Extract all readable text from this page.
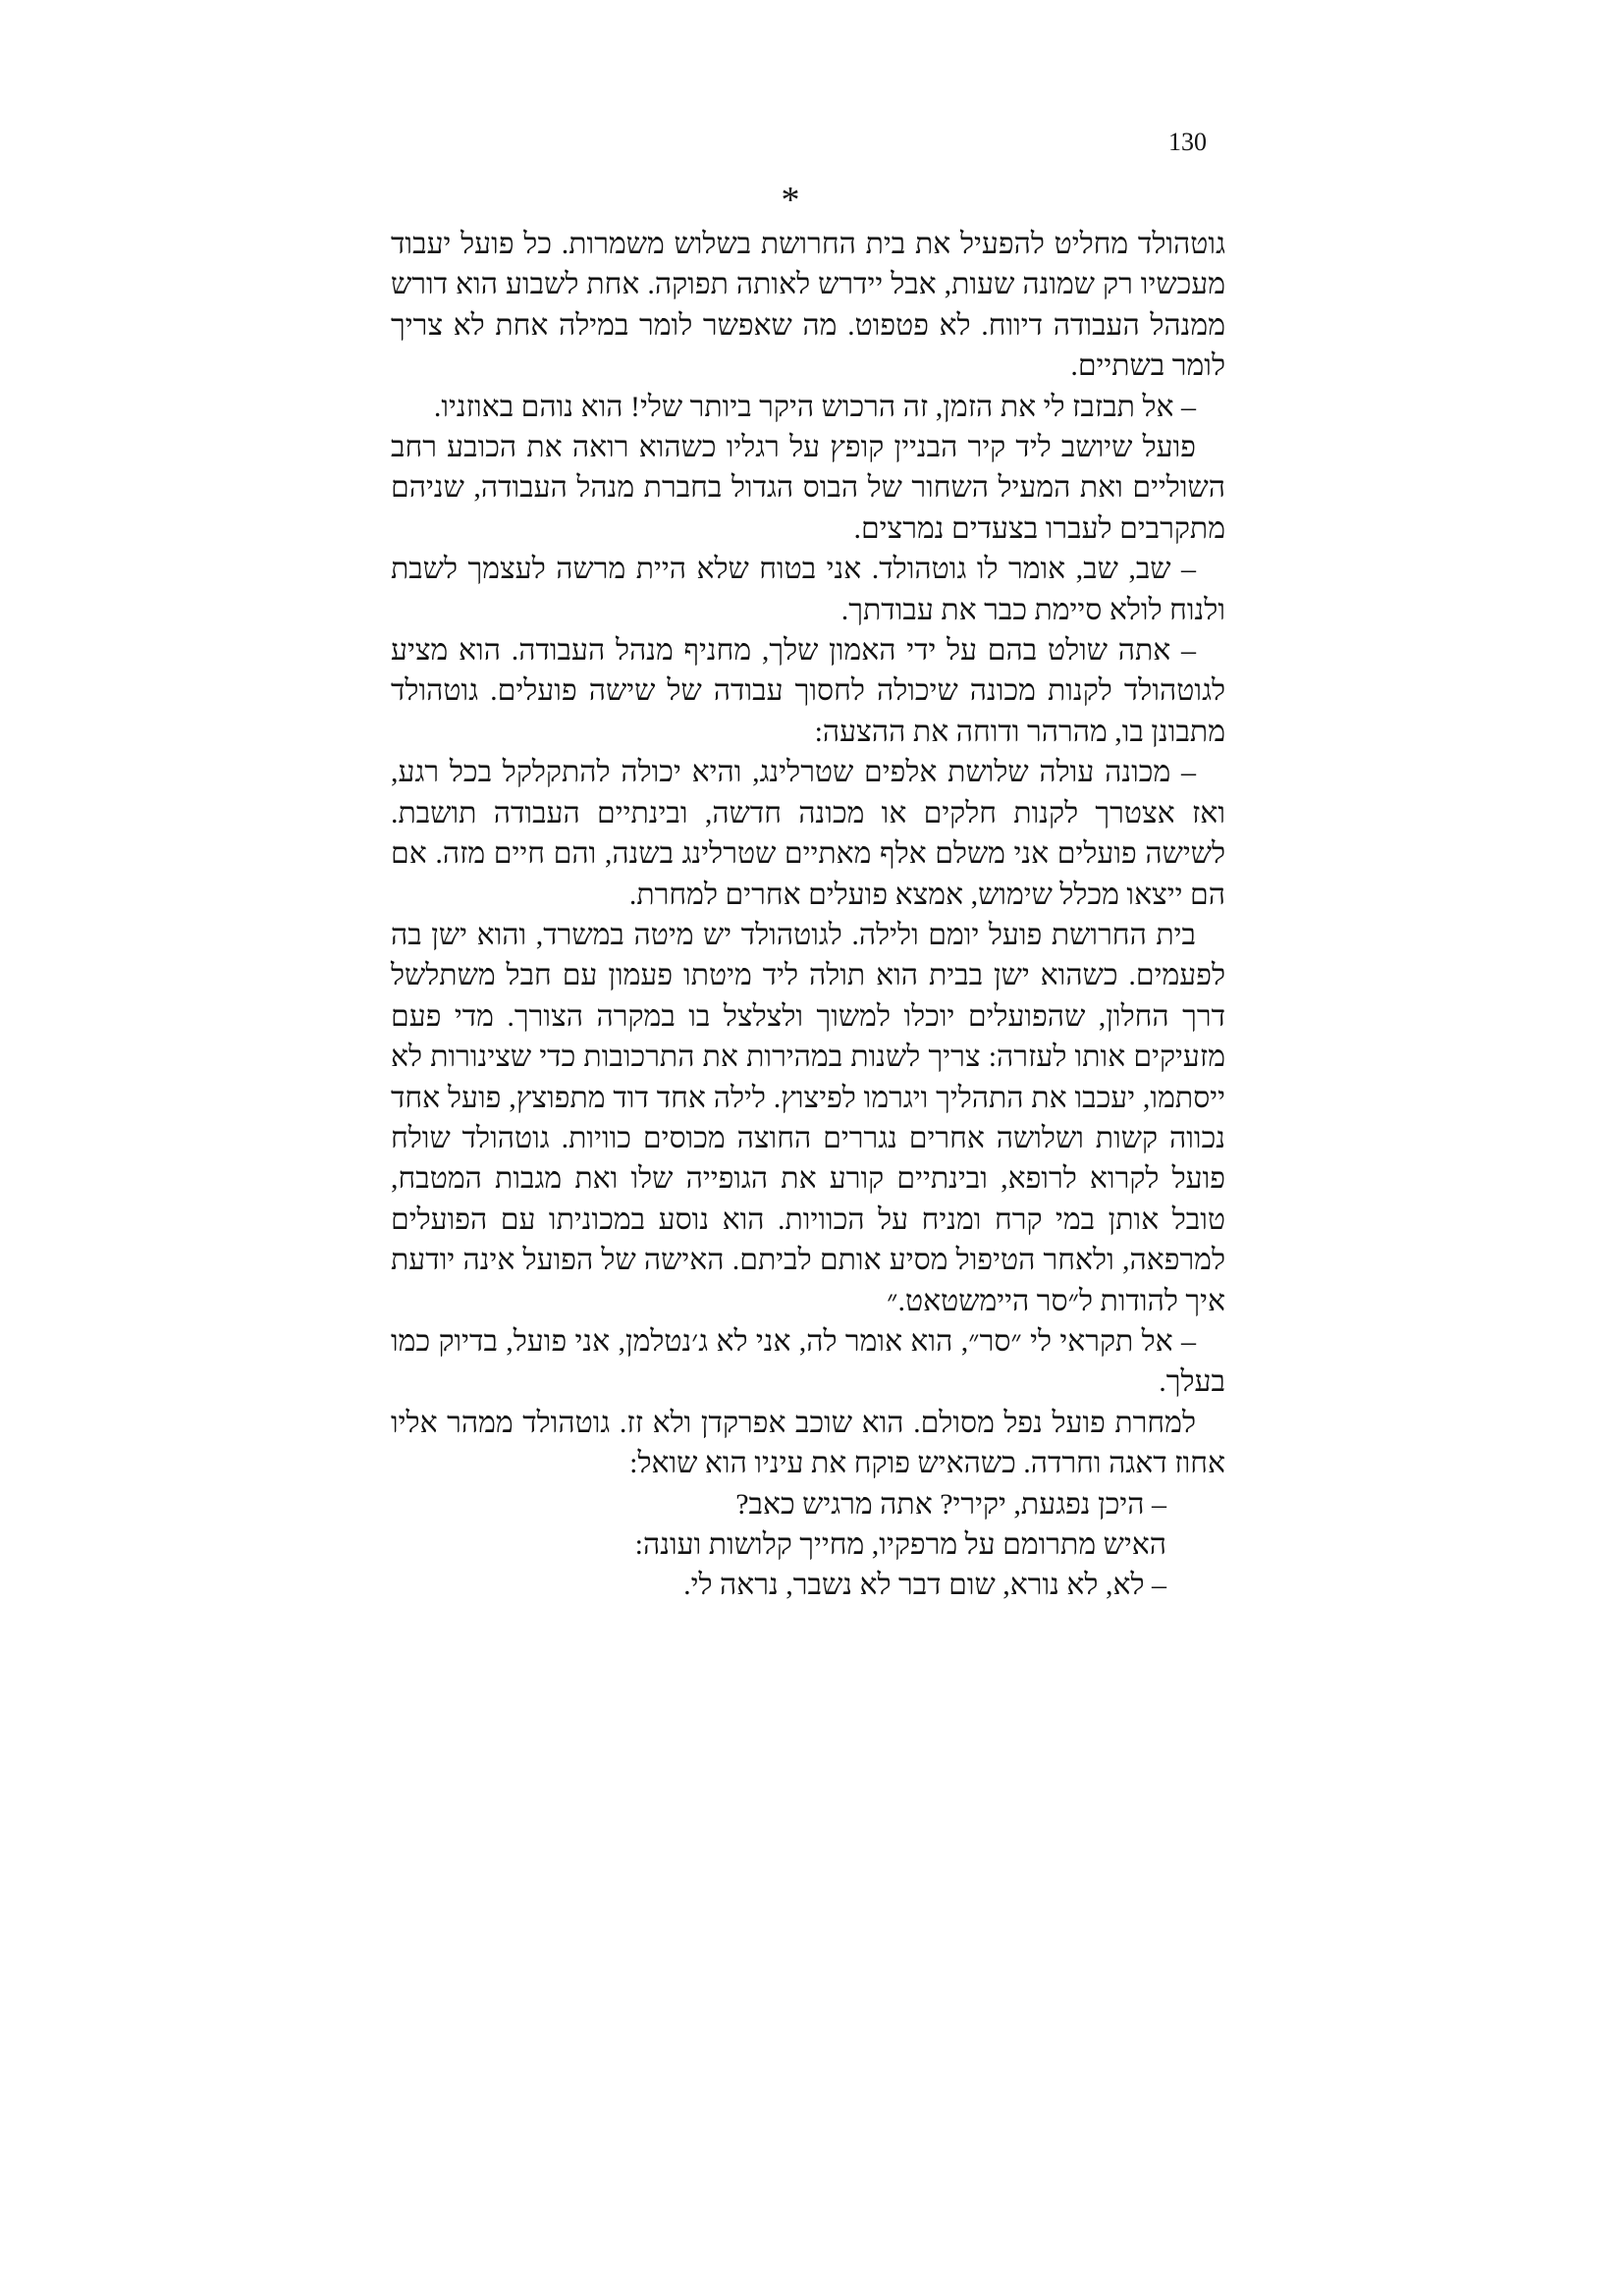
130
*

גוטהולד מחליט להפעיל את בית החרושת בשלוש משמרות. כל פועל יעבוד מעכשיו רק שמונה שעות, אבל יידרש לאותה תפוקה. אחת לשבוע הוא דורש ממנהל העבודה דיווח. לא פטפוט. מה שאפשר לומר במילה אחת לא צריך לומר בשתיים.

– אל תבזבז לי את הזמן, זה הרכוש היקר ביותר שלי! הוא נוהם באוזניו.

פועל שיושב ליד קיר הבניין קופץ על רגליו כשהוא רואה את הכובע רחב השוליים ואת המעיל השחור של הבוס הגדול בחברת מנהל העבודה, שניהם מתקרבים לעברו בצעדים נמרצים.

– שב, שב, אומר לו גוטהולד. אני בטוח שלא היית מרשה לעצמך לשבת ולנוח לולא סיימת כבר את עבודתך.

– אתה שולט בהם על ידי האמון שלך, מחניף מנהל העבודה. הוא מציע לגוטהולד לקנות מכונה שיכולה לחסוך עבודה של שישה פועלים. גוטהולד מתבונן בו, מהרהר ודוחה את ההצעה:

– מכונה עולה שלושת אלפים שטרלינג, והיא יכולה להתקלקל בכל רגע, ואז אצטרך לקנות חלקים או מכונה חדשה, ובינתיים העבודה תושבת. לשישה פועלים אני משלם אלף מאתיים שטרלינג בשנה, והם חיים מזה. אם הם ייצאו מכלל שימוש, אמצא פועלים אחרים למחרת.

בית החרושת פועל יומם ולילה. לגוטהולד יש מיטה במשרד, והוא ישן בה לפעמים. כשהוא ישן בבית הוא תולה ליד מיטתו פעמון עם חבל משתלשל דרך החלון, שהפועלים יוכלו למשוך ולצלצל בו במקרה הצורך. מדי פעם מזעיקים אותו לעזרה: צריך לשנות במהירות את התרכובות כדי שצינורות לא ייסתמו, יעכבו את התהליך ויגרמו לפיצוץ. לילה אחד דוד מתפוצץ, פועל אחד נכווה קשות ושלושה אחרים נגררים החוצה מכוסים כוויות. גוטהולד שולח פועל לקרוא לרופא, ובינתיים קורע את הגופייה שלו ואת מגבות המטבח, טובל אותן במי קרח ומניח על הכוויות. הוא נוסע במכוניתו עם הפועלים למרפאה, ולאחר הטיפול מסיע אותם לביתם. האישה של הפועל אינה יודעת איך להודות ל״סר היימשטאט.״

– אל תקראי לי ״סר״, הוא אומר לה, אני לא ג׳נטלמן, אני פועל, בדיוק כמו בעלך.

למחרת פועל נפל מסולם. הוא שוכב אפרקדן ולא זז. גוטהולד ממהר אליו אחוז דאגה וחרדה. כשהאיש פוקח את עיניו הוא שואל:

– היכן נפגעת, יקירי? אתה מרגיש כאב?

האיש מתרומם על מרפקיו, מחייך קלושות ועונה:

– לא, לא נורא, שום דבר לא נשבר, נראה לי.
